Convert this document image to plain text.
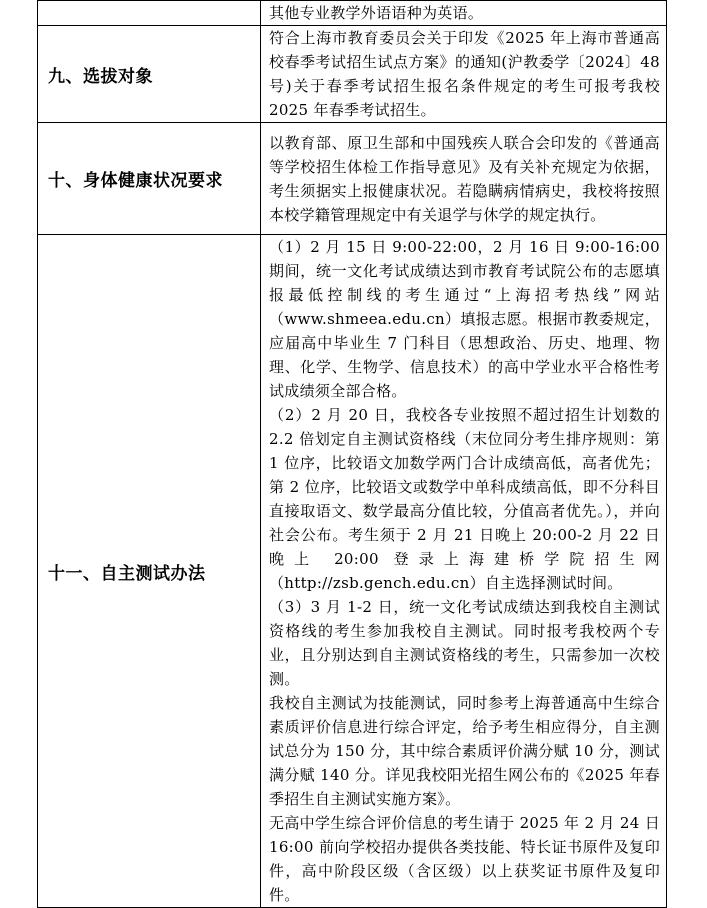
	其他专业教学外语语种为英语。

九、选拔对象	符合上海市教育委员会关于印发《2025 年上海市普通高校春季考试招生试点方案》的通知(沪教委学〔2024〕48 号)关于春季考试招生报名条件规定的考生可报考我校 2025 年春季考试招生。

十、身体健康状况要求	以教育部、原卫生部和中国残疾人联合会印发的《普通高等学校招生体检工作指导意见》及有关补充规定为依据，考生须据实上报健康状况。若隐瞒病情病史，我校将按照本校学籍管理规定中有关退学与休学的规定执行。

十一、自主测试办法	（1）2 月 15 日 9:00-22:00，2 月 16 日 9:00-16:00 期间，统一文化考试成绩达到市教育考试院公布的志愿填报最低控制线的考生通过“上海招考热线”网站（www.shmeea.edu.cn）填报志愿。根据市教委规定，应届高中毕业生 7 门科目（思想政治、历史、地理、物理、化学、生物学、信息技术）的高中学业水平合格性考试成绩须全部合格。

（2）2 月 20 日，我校各专业按照不超过招生计划数的 2.2 倍划定自主测试资格线（末位同分考生排序规则：第 1 位序，比较语文加数学两门合计成绩高低，高者优先；第 2 位序，比较语文或数学中单科成绩高低，即不分科目直接取语文、数学最高分值比较，分值高者优先。），并向社会公布。考生须于 2 月 21 日晚上 20:00-2 月 22 日晚上 20:00 登录上海建桥学院招生网（http://zsb.gench.edu.cn）自主选择测试时间。

（3）3 月 1-2 日，统一文化考试成绩达到我校自主测试资格线的考生参加我校自主测试。同时报考我校两个专业，且分别达到自主测试资格线的考生，只需参加一次校测。

我校自主测试为技能测试，同时参考上海普通高中生综合素质评价信息进行综合评定，给予考生相应得分，自主测试总分为 150 分，其中综合素质评价满分赋 10 分，测试满分赋 140 分。详见我校阳光招生网公布的《2025 年春季招生自主测试实施方案》。

无高中学生综合评价信息的考生请于 2025 年 2 月 24 日 16:00 前向学校招办提供各类技能、特长证书原件及复印件，高中阶段区级（含区级）以上获奖证书原件及复印件。
